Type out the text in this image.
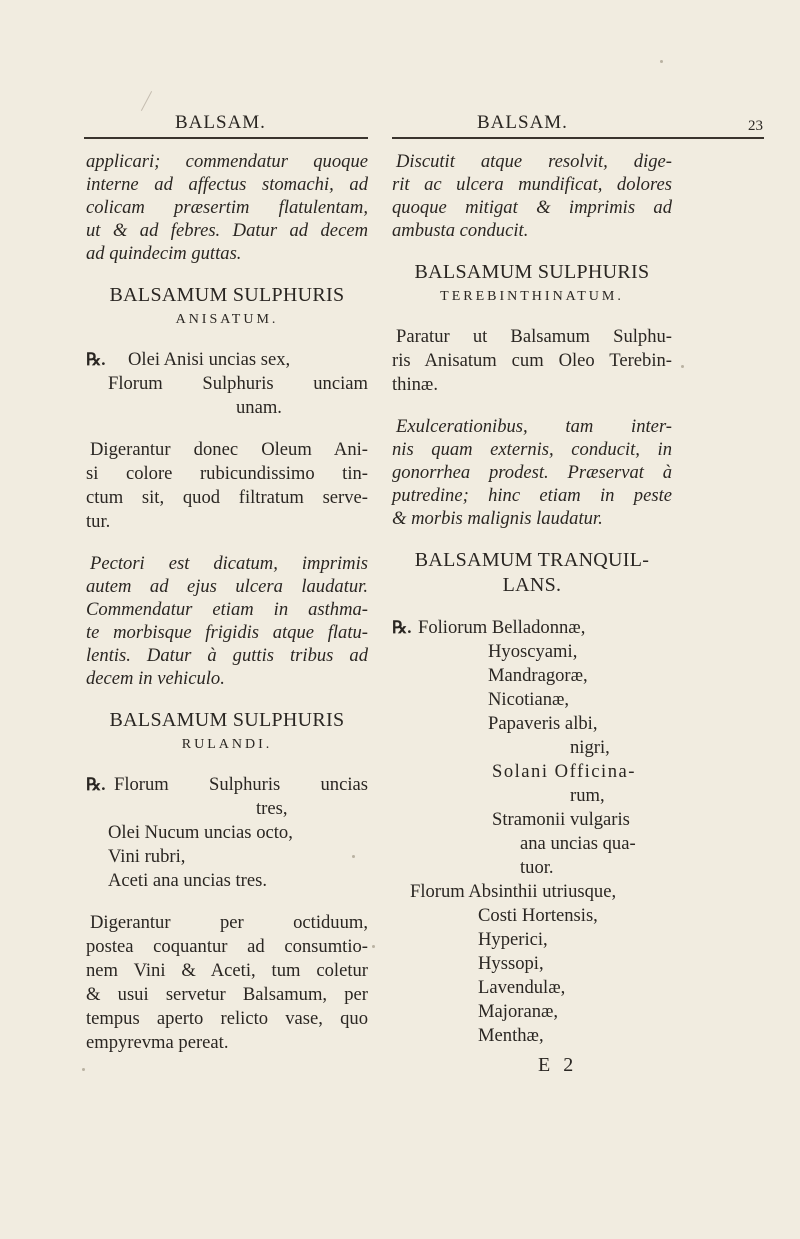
BALSAM.	BALSAM.	23

applicari; commendatur quoque

interne ad affectus stomachi, ad

colicam præsertim flatulentam,

ut & ad febres. Datur ad decem

ad quindecim guttas.

BALSAMUM SULPHURIS

ANISATUM.

℞. Olei Anisi uncias sex,

Florum Sulphuris unciam

unam.

Digerantur donec Oleum Ani-

si colore rubicundissimo tin-

ctum sit, quod filtratum serve-

tur.

Pectori est dicatum, imprimis

autem ad ejus ulcera laudatur.

Commendatur etiam in asthma-

te morbisque frigidis atque flatu-

lentis. Datur à guttis tribus ad

decem in vehiculo.

BALSAMUM SULPHURIS

RULANDI.

℞. Florum Sulphuris uncias

tres,

Olei Nucum uncias octo,

Vini rubri,

Aceti ana uncias tres.

Digerantur per octiduum,

postea coquantur ad consumtio-

nem Vini & Aceti, tum coletur

& usui servetur Balsamum, per

tempus aperto relicto vase, quo

empyrevma pereat.

Discutit atque resolvit, dige-

rit ac ulcera mundificat, dolores

quoque mitigat & imprimis ad

ambusta conducit.

BALSAMUM SULPHURIS

TEREBINTHINATUM.

Paratur ut Balsamum Sulphu-

ris Anisatum cum Oleo Terebin-

thinæ.

Exulcerationibus, tam inter-

nis quam externis, conducit, in

gonorrhea prodest. Præservat à

putredine; hinc etiam in peste

& morbis malignis laudatur.

BALSAMUM TRANQUIL-
LANS.

℞. Foliorum Belladonnæ,

Hyoscyami,

Mandragoræ,

Nicotianæ,

Papaveris albi,

nigri,

Solani Officina-

rum,

Stramonii vulgaris

ana uncias qua-

tuor.

Florum Absinthii utriusque,

Costi Hortensis,

Hyperici,

Hyssopi,

Lavendulæ,

Majoranæ,

Menthæ,

E 2
